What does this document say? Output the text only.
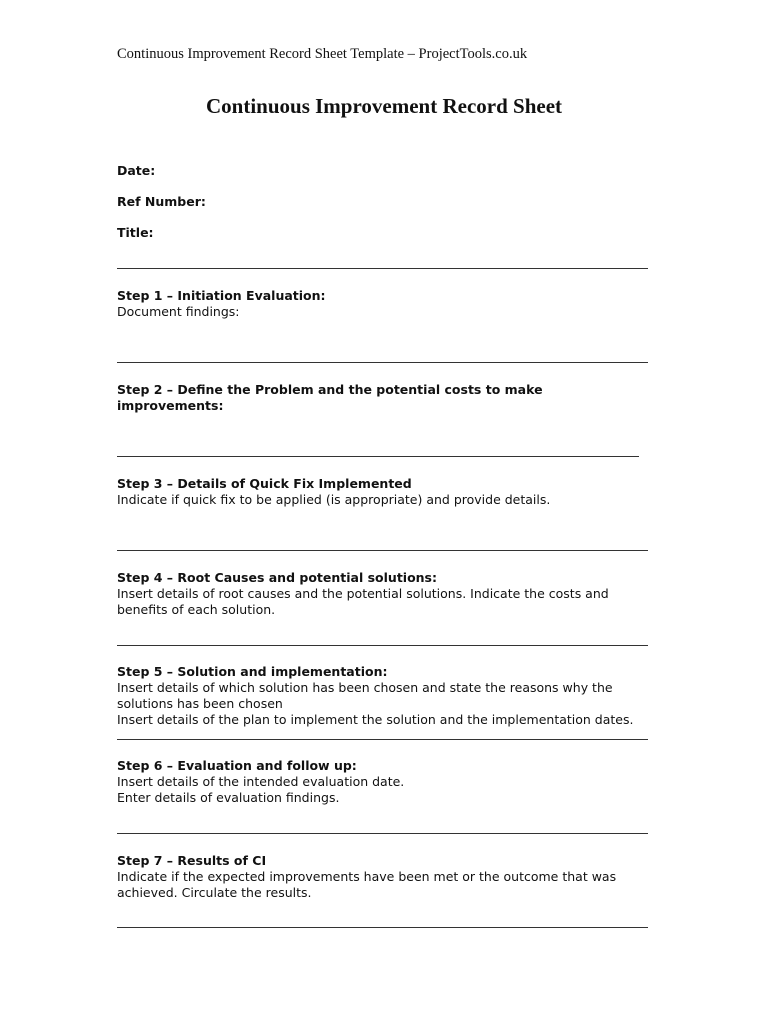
Continuous Improvement Record Sheet Template – ProjectTools.co.uk
Continuous Improvement Record Sheet
Date:
Ref Number:
Title:
Step 1 – Initiation Evaluation:
Document findings:
Step 2 – Define the Problem and the potential costs to make
improvements:
Step 3 – Details of Quick Fix Implemented
Indicate if quick fix to be applied (is appropriate) and provide details.
Step 4 – Root Causes and potential solutions:
Insert details of root causes and the potential solutions. Indicate the costs and
benefits of each solution.
Step 5 – Solution and implementation:
Insert details of which solution has been chosen and state the reasons why the
solutions has been chosen
Insert details of the plan to implement the solution and the implementation dates.
Step 6 – Evaluation and follow up:
Insert details of the intended evaluation date.
Enter details of evaluation findings.
Step 7 – Results of CI
Indicate if the expected improvements have been met or the outcome that was
achieved. Circulate the results.
